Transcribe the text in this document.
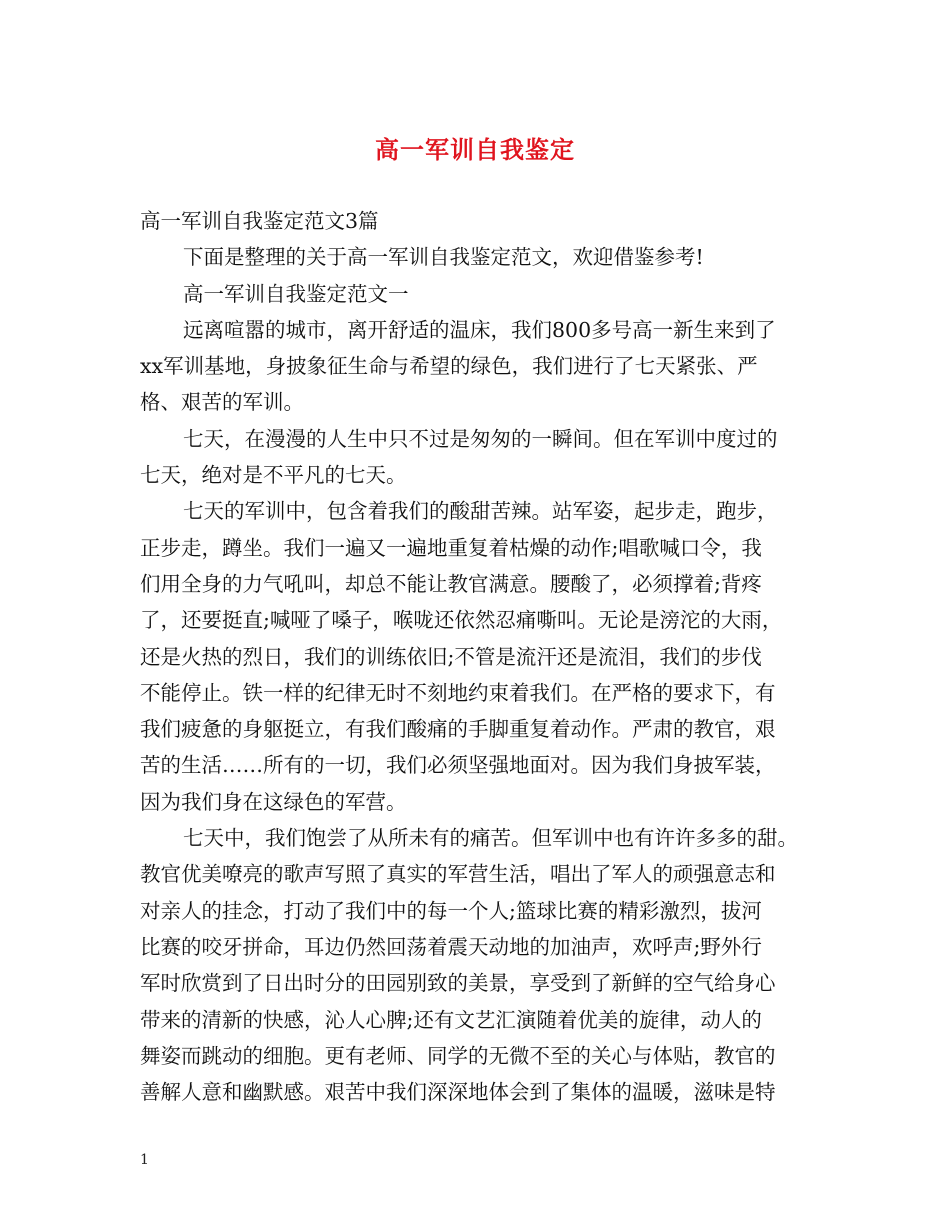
高一军训自我鉴定
高一军训自我鉴定范文3篇
下面是整理的关于高一军训自我鉴定范文，欢迎借鉴参考!
高一军训自我鉴定范文一
远离喧嚣的城市，离开舒适的温床，我们800多号高一新生来到了
xx军训基地，身披象征生命与希望的绿色，我们进行了七天紧张、严
格、艰苦的军训。
七天，在漫漫的人生中只不过是匆匆的一瞬间。但在军训中度过的
七天，绝对是不平凡的七天。
七天的军训中，包含着我们的酸甜苦辣。站军姿，起步走，跑步，
正步走，蹲坐。我们一遍又一遍地重复着枯燥的动作;唱歌喊口令，我
们用全身的力气吼叫，却总不能让教官满意。腰酸了，必须撑着;背疼
了，还要挺直;喊哑了嗓子，喉咙还依然忍痛嘶叫。无论是滂沱的大雨，
还是火热的烈日，我们的训练依旧;不管是流汗还是流泪，我们的步伐
不能停止。铁一样的纪律无时不刻地约束着我们。在严格的要求下，有
我们疲惫的身躯挺立，有我们酸痛的手脚重复着动作。严肃的教官，艰
苦的生活……所有的一切，我们必须坚强地面对。因为我们身披军装，
因为我们身在这绿色的军营。
七天中，我们饱尝了从所未有的痛苦。但军训中也有许许多多的甜。
教官优美嘹亮的歌声写照了真实的军营生活，唱出了军人的顽强意志和
对亲人的挂念，打动了我们中的每一个人;篮球比赛的精彩激烈，拔河
比赛的咬牙拼命，耳边仍然回荡着震天动地的加油声，欢呼声;野外行
军时欣赏到了日出时分的田园别致的美景，享受到了新鲜的空气给身心
带来的清新的快感，沁人心脾;还有文艺汇演随着优美的旋律，动人的
舞姿而跳动的细胞。更有老师、同学的无微不至的关心与体贴，教官的
善解人意和幽默感。艰苦中我们深深地体会到了集体的温暖，滋味是特
1
